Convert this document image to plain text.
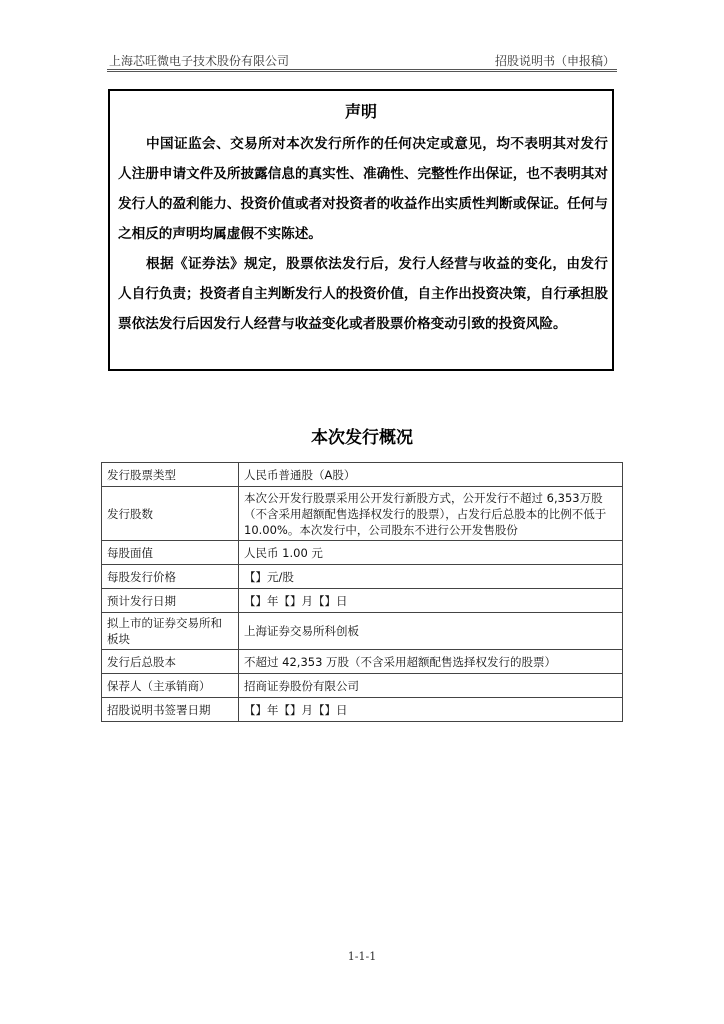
上海芯旺微电子技术股份有限公司	招股说明书（申报稿）
声明

中国证监会、交易所对本次发行所作的任何决定或意见，均不表明其对发行人注册申请文件及所披露信息的真实性、准确性、完整性作出保证，也不表明其对发行人的盈利能力、投资价值或者对投资者的收益作出实质性判断或保证。任何与之相反的声明均属虚假不实陈述。

根据《证券法》规定，股票依法发行后，发行人经营与收益的变化，由发行人自行负责；投资者自主判断发行人的投资价值，自主作出投资决策，自行承担股票依法发行后因发行人经营与收益变化或者股票价格变动引致的投资风险。

本次发行概况
发行股票类型	人民币普通股（A股）
发行股数	本次公开发行股票采用公开发行新股方式，公开发行不超过 6,353万股（不含采用超额配售选择权发行的股票），占发行后总股本的比例不低于 10.00%。本次发行中，公司股东不进行公开发售股份
每股面值	人民币 1.00 元
每股发行价格	【】元/股
预计发行日期	【】年【】月【】日
拟上市的证券交易所和板块	上海证券交易所科创板
发行后总股本	不超过 42,353 万股（不含采用超额配售选择权发行的股票）
保荐人（主承销商）	招商证券股份有限公司
招股说明书签署日期	【】年【】月【】日
1-1-1
